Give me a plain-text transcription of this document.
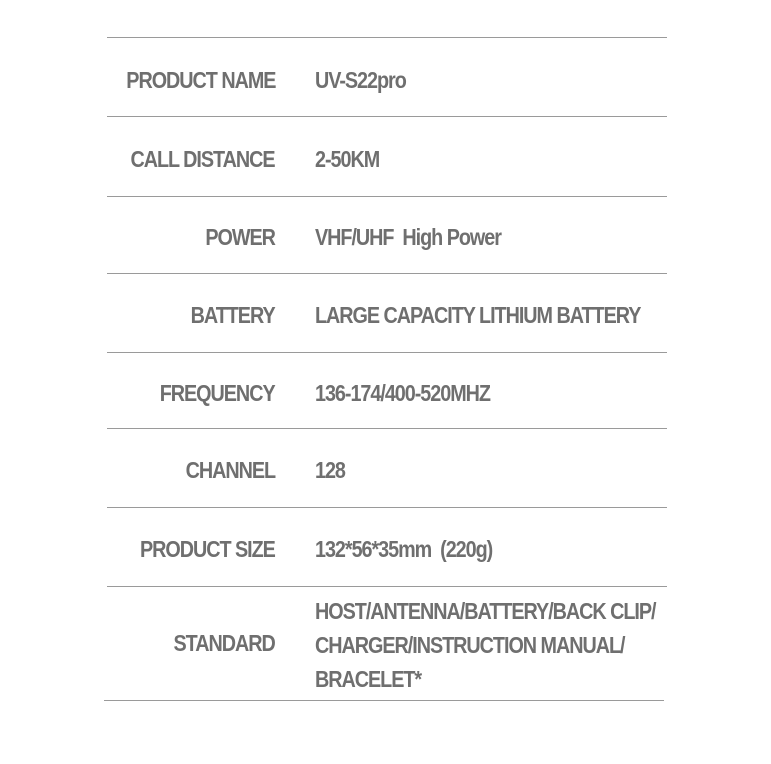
PRODUCT NAME UV-S22pro
CALL DISTANCE 2-50KM
POWER VHF/UHF  High Power
BATTERY LARGE CAPACITY LITHIUM BATTERY
FREQUENCY 136-174/400-520MHZ
CHANNEL 128
PRODUCT SIZE 132*56*35mm  (220g)
STANDARD
HOST/ANTENNA/BATTERY/BACK CLIP/
CHARGER/INSTRUCTION MANUAL/
BRACELET*
